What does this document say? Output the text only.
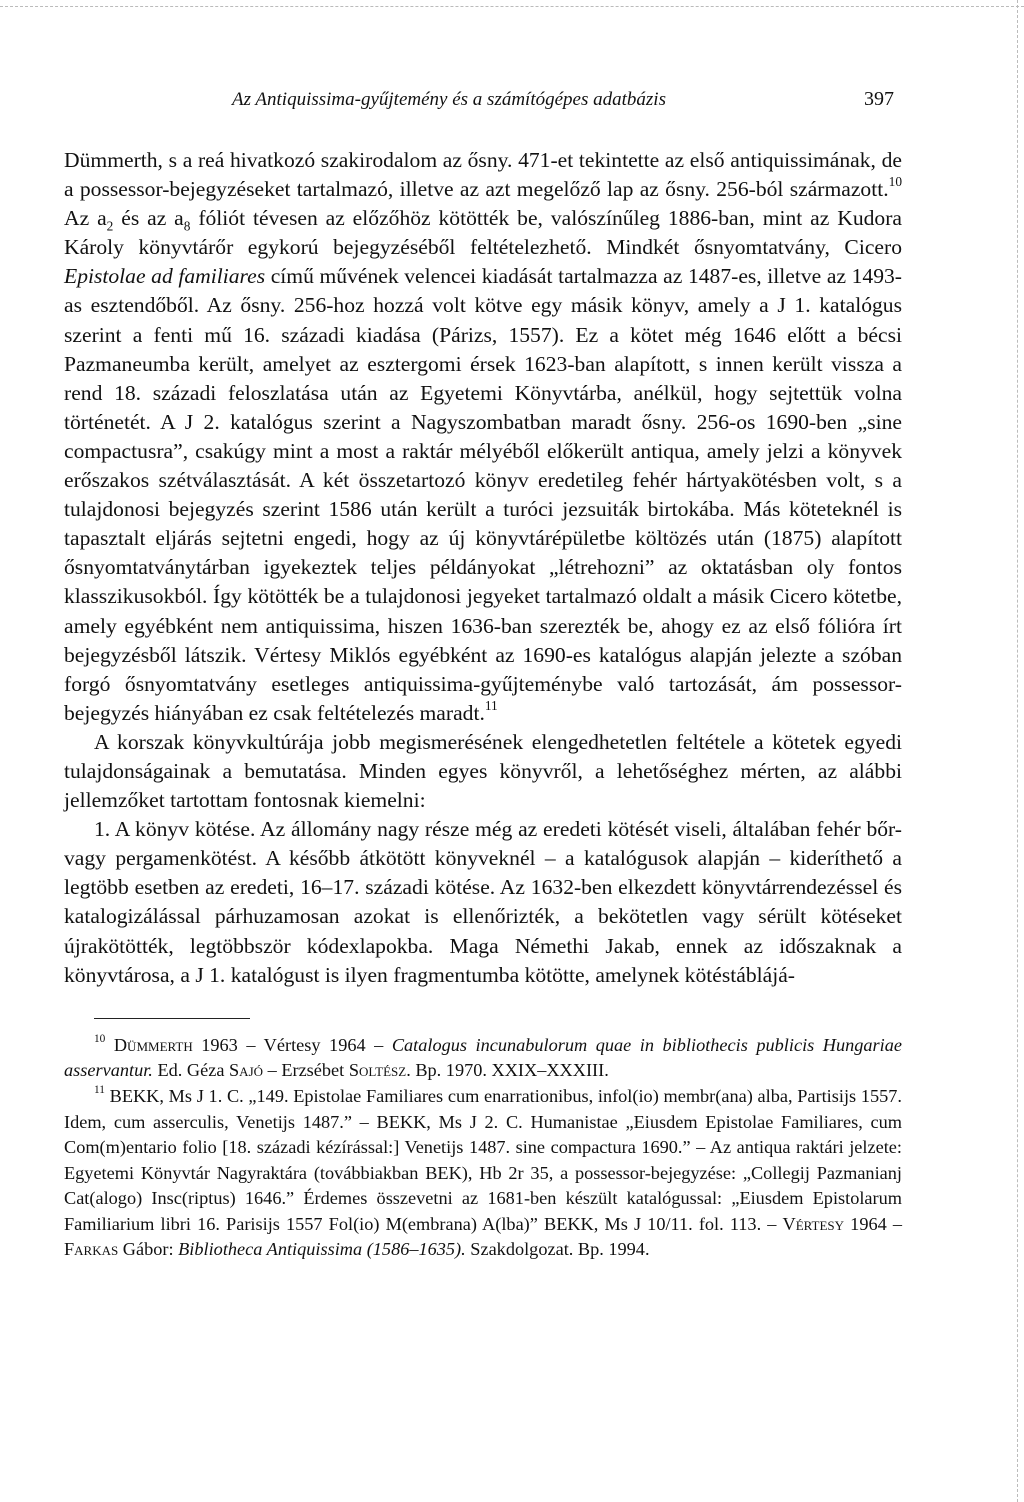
Az Antiquissima-gyűjtemény és a számítógépes adatbázis	397

Dümmerth, s a reá hivatkozó szakirodalom az ősny. 471-et tekintette az első antiquissimának, de a possessor-bejegyzéseket tartalmazó, illetve az azt megelőző lap az ősny. 256-ból származott.$^{10}$ Az $a_2$ és az $a_8$ fóliót tévesen az előzőhöz kötötték be, valószínűleg 1886-ban, mint az Kudora Károly könyvtárőr egykorú bejegyzéséből feltételezhető. Mindkét ősnyomtatvány, Cicero Epistolae ad familiares című művének velencei kiadását tartalmazza az 1487-es, illetve az 1493-as esztendőből. Az ősny. 256-hoz hozzá volt kötve egy másik könyv, amely a J 1. katalógus szerint a fenti mű 16. századi kiadása (Párizs, 1557). Ez a kötet még 1646 előtt a bécsi Pazmaneumba került, amelyet az esztergomi érsek 1623-ban alapított, s innen került vissza a rend 18. századi feloszlatása után az Egyetemi Könyvtárba, anélkül, hogy sejtettük volna történetét. A J 2. katalógus szerint a Nagyszombatban maradt ősny. 256-os 1690-ben „sine compactusra”, csakúgy mint a most a raktár mélyéből előkerült antiqua, amely jelzi a könyvek erőszakos szétválasztását. A két összetartozó könyv eredetileg fehér hártyakötésben volt, s a tulajdonosi bejegyzés szerint 1586 után került a turóci jezsuiták birtokába. Más köteteknél is tapasztalt eljárás sejtetni engedi, hogy az új könyvtárépületbe költözés után (1875) alapított ősnyomtatványtárban igyekeztek teljes példányokat „létrehozni” az oktatásban oly fontos klasszikusokból. Így kötötték be a tulajdonosi jegyeket tartalmazó oldalt a másik Cicero kötetbe, amely egyébként nem antiquissima, hiszen 1636-ban szerezték be, ahogy ez az első fólióra írt bejegyzésből látszik. Vértesy Miklós egyébként az 1690-es katalógus alapján jelezte a szóban forgó ősnyomtatvány esetleges antiquissima-gyűjteménybe való tartozását, ám possessor-bejegyzés hiányában ez csak feltételezés maradt.$^{11}$

A korszak könyvkultúrája jobb megismerésének elengedhetetlen feltétele a kötetek egyedi tulajdonságainak a bemutatása. Minden egyes könyvről, a lehetőséghez mérten, az alábbi jellemzőket tartottam fontosnak kiemelni:

1. A könyv kötése. Az állomány nagy része még az eredeti kötését viseli, általában fehér bőr- vagy pergamenkötést. A később átkötött könyveknél – a katalógusok alapján – kideríthető a legtöbb esetben az eredeti, 16–17. századi kötése. Az 1632-ben elkezdett könyvtárrendezéssel és katalogizálással párhuzamosan azokat is ellenőrizték, a bekötetlen vagy sérült kötéseket újrakötötték, legtöbbször kódexlapokba. Maga Némethi Jakab, ennek az időszaknak a könyvtárosa, a J 1. katalógust is ilyen fragmentumba kötötte, amelynek kötéstáblájá-

$^{10}$ Dümmerth 1963 – Vértesy 1964 – Catalogus incunabulorum quae in bibliothecis publicis Hungariae asservantur. Ed. Géza Sajó – Erzsébet Soltész. Bp. 1970. XXIX–XXXIII.

$^{11}$ BEKK, Ms J 1. C. „149. Epistolae Familiares cum enarrationibus, infol(io) membr(ana) alba, Partisijs 1557. Idem, cum asserculis, Venetijs 1487.” – BEKK, Ms J 2. C. Humanistae „Eiusdem Epistolae Familiares, cum Com(m)entario folio [18. századi kézírással:] Venetijs 1487. sine compactura 1690.” – Az antiqua raktári jelzete: Egyetemi Könyvtár Nagyraktára (továbbiakban BEK), Hb 2r 35, a possessor-bejegyzése: „Collegij Pazmanianj Cat(alogo) Insc(riptus) 1646.” Érdemes összevetni az 1681-ben készült katalógussal: „Eiusdem Epistolarum Familiarium libri 16. Parisijs 1557 Fol(io) M(embrana) A(lba)” BEKK, Ms J 10/11. fol. 113. – Vértesy 1964 – Farkas Gábor: Bibliotheca Antiquissima (1586–1635). Szakdolgozat. Bp. 1994.
